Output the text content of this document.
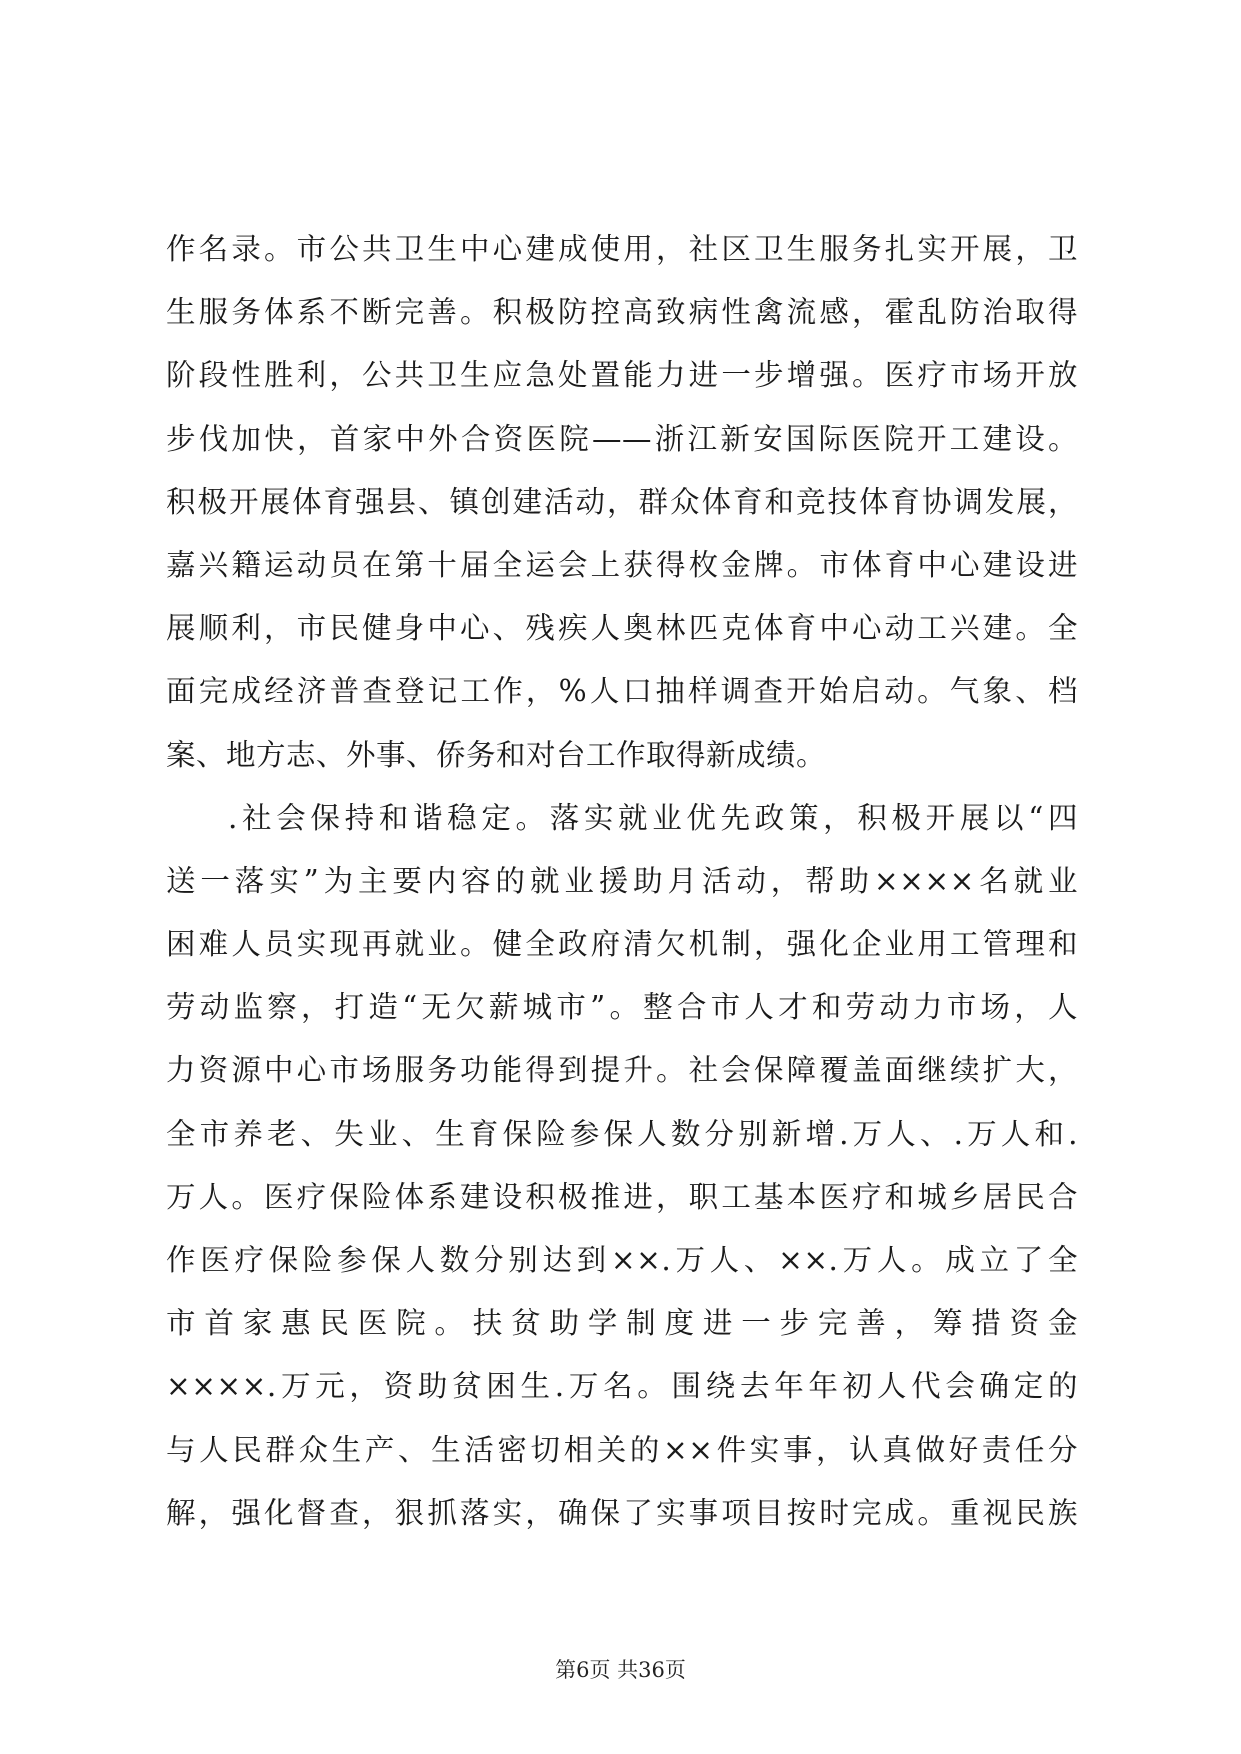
作名录。市公共卫生中心建成使用，社区卫生服务扎实开展，卫
生服务体系不断完善。积极防控高致病性禽流感，霍乱防治取得
阶段性胜利，公共卫生应急处置能力进一步增强。医疗市场开放
步伐加快，首家中外合资医院——浙江新安国际医院开工建设。
积极开展体育强县、镇创建活动，群众体育和竞技体育协调发展，
嘉兴籍运动员在第十届全运会上获得枚金牌。市体育中心建设进
展顺利，市民健身中心、残疾人奥林匹克体育中心动工兴建。全
面完成经济普查登记工作，%人口抽样调查开始启动。气象、档
案、地方志、外事、侨务和对台工作取得新成绩。
.社会保持和谐稳定。落实就业优先政策，积极开展以“四
送一落实”为主要内容的就业援助月活动，帮助××××名就业
困难人员实现再就业。健全政府清欠机制，强化企业用工管理和
劳动监察，打造“无欠薪城市”。整合市人才和劳动力市场，人
力资源中心市场服务功能得到提升。社会保障覆盖面继续扩大，
全市养老、失业、生育保险参保人数分别新增.万人、.万人和.
万人。医疗保险体系建设积极推进，职工基本医疗和城乡居民合
作医疗保险参保人数分别达到××.万人、××.万人。成立了全
市首家惠民医院。扶贫助学制度进一步完善，筹措资金
××××.万元，资助贫困生.万名。围绕去年年初人代会确定的
与人民群众生产、生活密切相关的××件实事，认真做好责任分
解，强化督查，狠抓落实，确保了实事项目按时完成。重视民族
第6页 共36页
